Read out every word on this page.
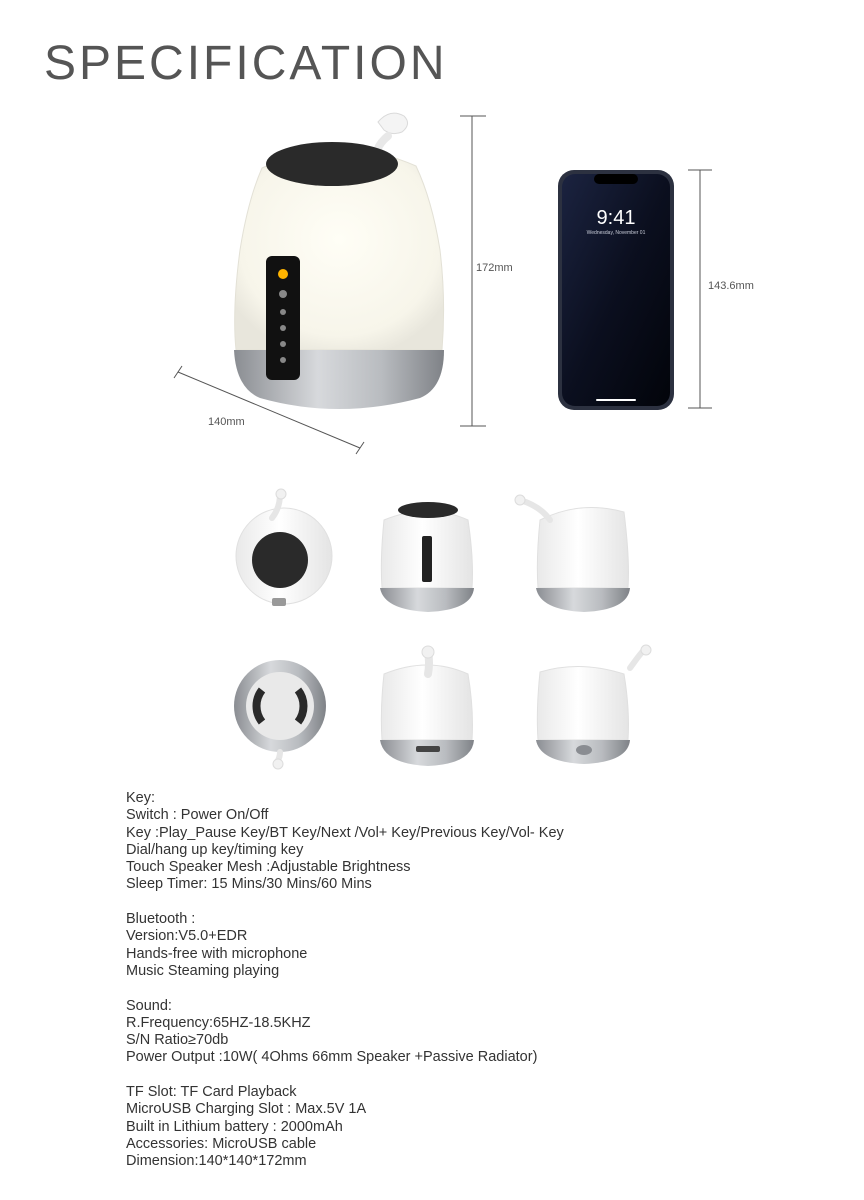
SPECIFICATION
9:41
Wednesday, November 01
172mm
140mm
143.6mm
Key:
Switch : Power On/Off
Key :Play_Pause Key/BT Key/Next /Vol+ Key/Previous Key/Vol- Key
Dial/hang up key/timing key
Touch Speaker Mesh :Adjustable Brightness
Sleep Timer: 15 Mins/30 Mins/60 Mins
Bluetooth :
Version:V5.0+EDR
Hands-free with microphone
Music Steaming playing
Sound:
R.Frequency:65HZ-18.5KHZ
S/N Ratio≥70db
Power Output :10W( 4Ohms 66mm Speaker +Passive Radiator)
TF Slot: TF Card Playback
MicroUSB Charging Slot : Max.5V 1A
Built in Lithium battery : 2000mAh
Accessories: MicroUSB cable
Dimension:140*140*172mm
